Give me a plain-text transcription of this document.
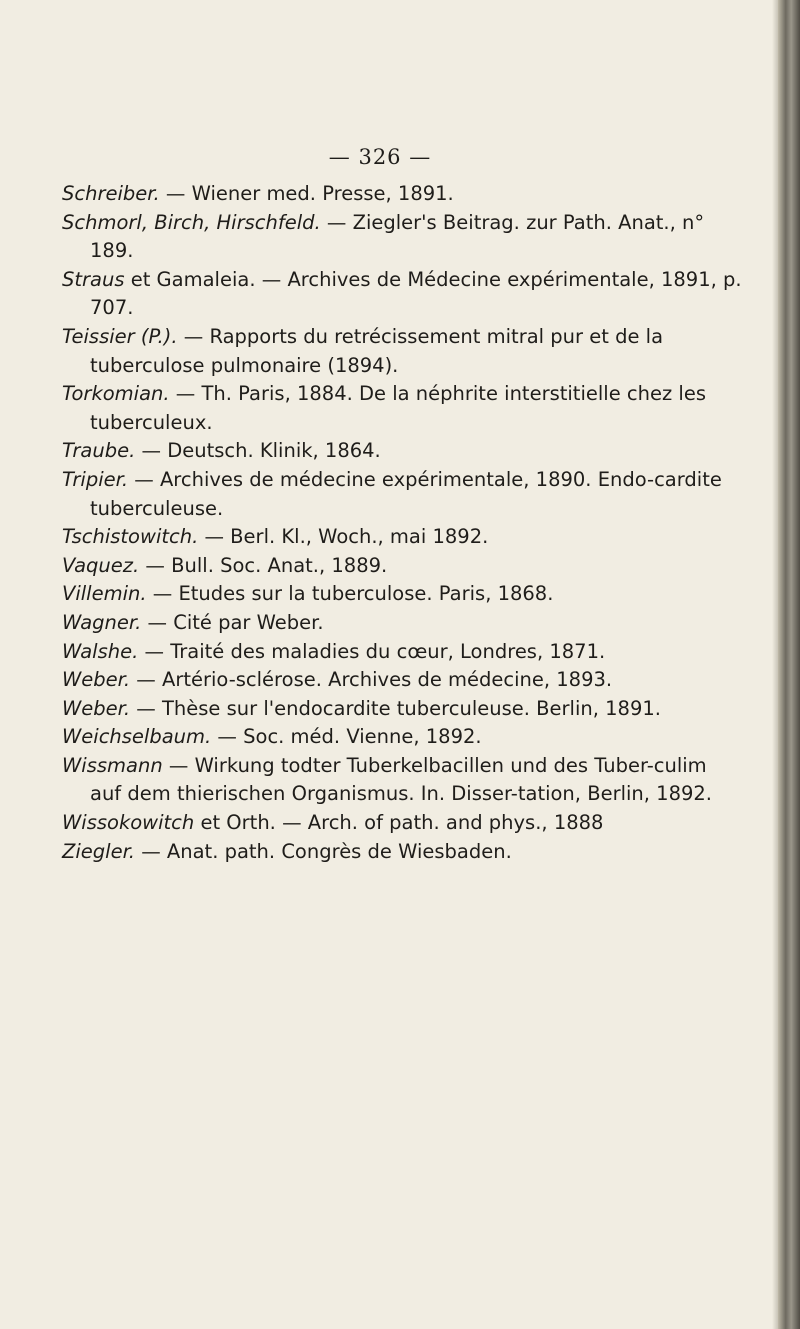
— 326 —

Schreiber. — Wiener med. Presse, 1891.

Schmorl, Birch, Hirschfeld. — Ziegler's Beitrag. zur Path. Anat., n° 189.

Straus et Gamaleia. — Archives de Médecine expérimentale, 1891, p. 707.

Teissier (P.). — Rapports du retrécissement mitral pur et de la tuberculose pulmonaire (1894).

Torkomian. — Th. Paris, 1884. De la néphrite interstitielle chez les tuberculeux.

Traube. — Deutsch. Klinik, 1864.

Tripier. — Archives de médecine expérimentale, 1890. Endo-cardite tuberculeuse.

Tschistowitch. — Berl. Kl., Woch., mai 1892.

Vaquez. — Bull. Soc. Anat., 1889.

Villemin. — Etudes sur la tuberculose. Paris, 1868.

Wagner. — Cité par Weber.

Walshe. — Traité des maladies du cœur, Londres, 1871.

Weber. — Artério-sclérose. Archives de médecine, 1893.

Weber. — Thèse sur l'endocardite tuberculeuse. Berlin, 1891.

Weichselbaum. — Soc. méd. Vienne, 1892.

Wissmann — Wirkung todter Tuberkelbacillen und des Tuber-culim auf dem thierischen Organismus. In. Disser-tation, Berlin, 1892.

Wissokowitch et Orth. — Arch. of path. and phys., 1888

Ziegler. — Anat. path. Congrès de Wiesbaden.
